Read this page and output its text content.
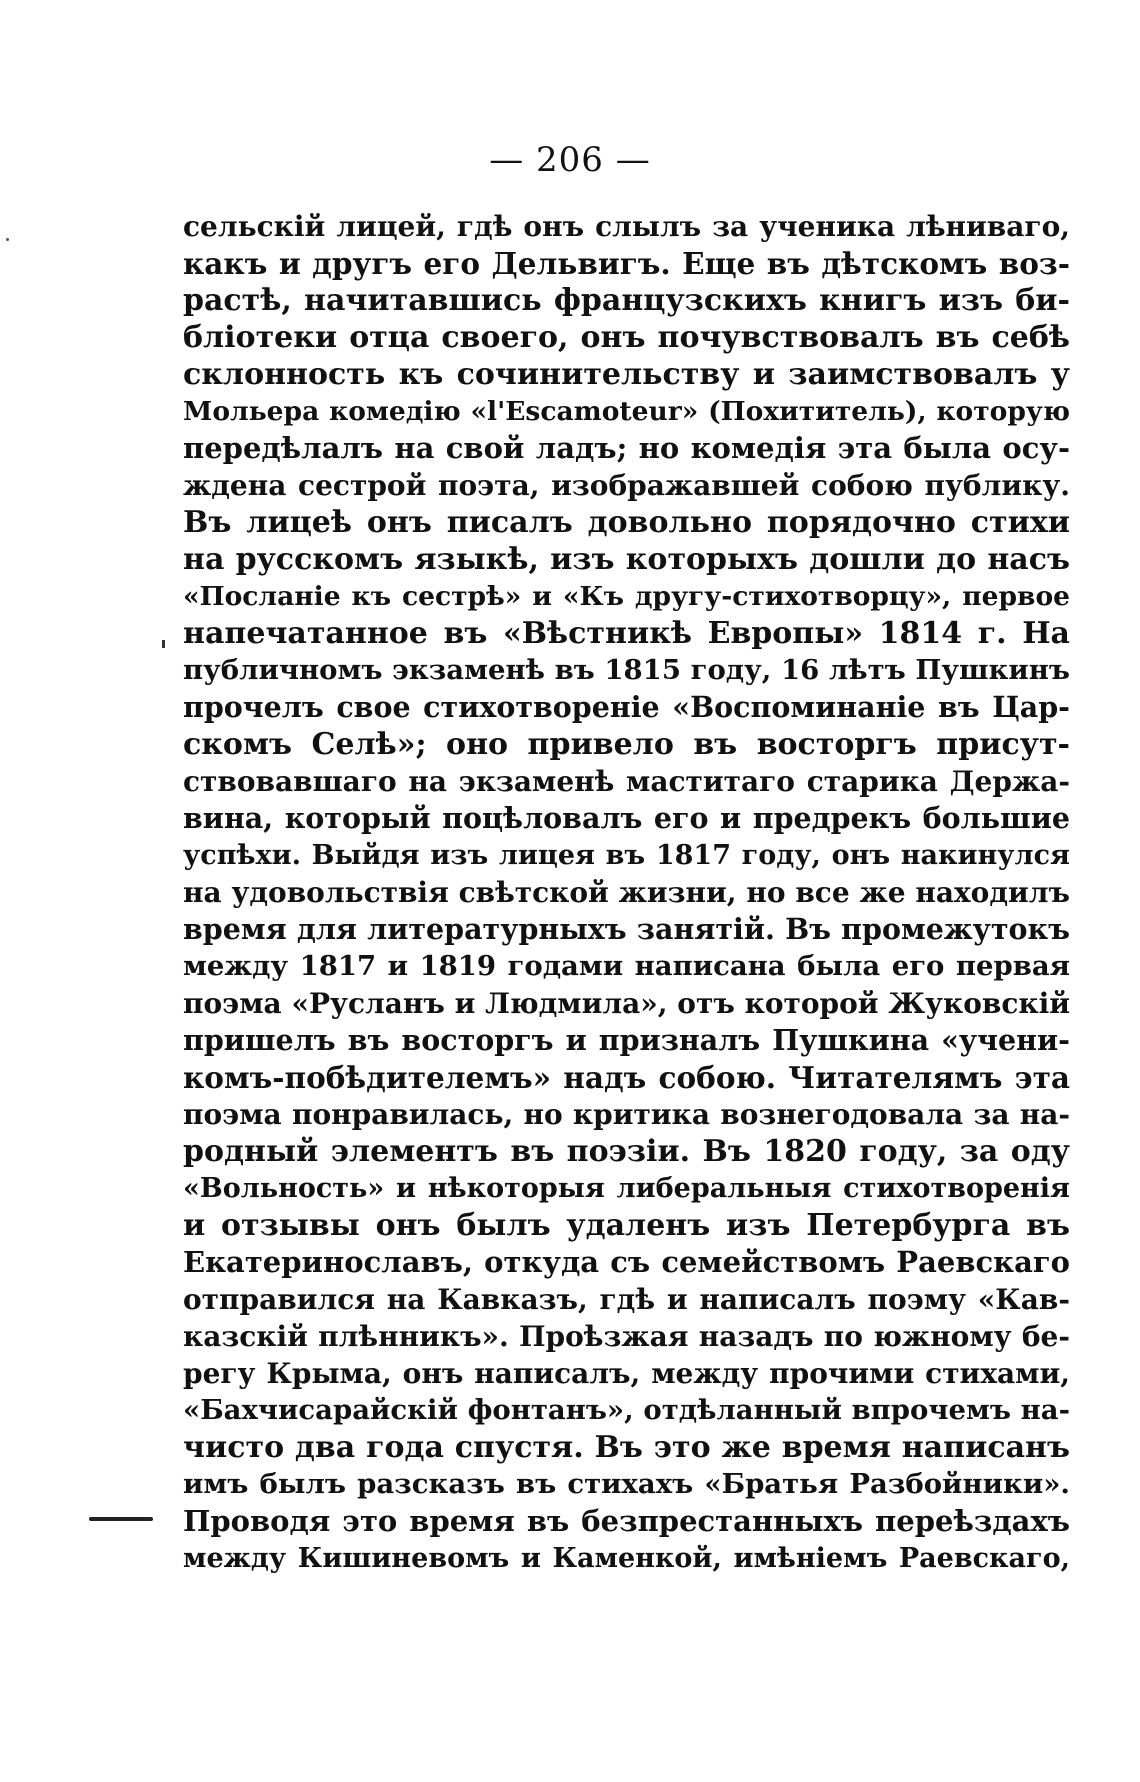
— 206 —
сельскій лицей, гдѣ онъ слылъ за ученика лѣниваго,
какъ и другъ его Дельвигъ. Еще въ дѣтскомъ воз-
растѣ, начитавшись французскихъ книгъ изъ би-
бліотеки отца своего, онъ почувствовалъ въ себѣ
склонность къ сочинительству и заимствовалъ у
Мольера комедію «l'Escamoteur» (Похититель), которую
передѣлалъ на свой ладъ; но комедія эта была осу-
ждена сестрой поэта, изображавшей собою публику.
Въ лицеѣ онъ писалъ довольно порядочно стихи
на русскомъ языкѣ, изъ которыхъ дошли до насъ
«Посланіе къ сестрѣ» и «Къ другу-стихотворцу», первое
напечатанное въ «Вѣстникѣ Европы» 1814 г. На
публичномъ экзаменѣ въ 1815 году, 16 лѣтъ Пушкинъ
прочелъ свое стихотвореніе «Воспоминаніе въ Цар-
скомъ Селѣ»; оно привело въ восторгъ присут-
ствовавшаго на экзаменѣ маститаго старика Держа-
вина, который поцѣловалъ его и предрекъ большие
успѣхи. Выйдя изъ лицея въ 1817 году, онъ накинулся
на удовольствія свѣтской жизни, но все же находилъ
время для литературныхъ занятій. Въ промежутокъ
между 1817 и 1819 годами написана была его первая
поэма «Русланъ и Людмила», отъ которой Жуковскій
пришелъ въ восторгъ и призналъ Пушкина «учени-
комъ-побѣдителемъ» надъ собою. Читателямъ эта
поэма понравилась, но критика вознегодовала за на-
родный элементъ въ поэзіи. Въ 1820 году, за оду
«Вольность» и нѣкоторыя либеральныя стихотворенія
и отзывы онъ былъ удаленъ изъ Петербурга въ
Екатеринославъ, откуда съ семействомъ Раевскаго
отправился на Кавказъ, гдѣ и написалъ поэму «Кав-
казскій плѣнникъ». Проѣзжая назадъ по южному бе-
регу Крыма, онъ написалъ, между прочими стихами,
«Бахчисарайскій фонтанъ», отдѣланный впрочемъ на-
чисто два года спустя. Въ это же время написанъ
имъ былъ разсказъ въ стихахъ «Братья Разбойники».
Проводя это время въ безпрестанныхъ переѣздахъ
между Кишиневомъ и Каменкой, имѣніемъ Раевскаго,
